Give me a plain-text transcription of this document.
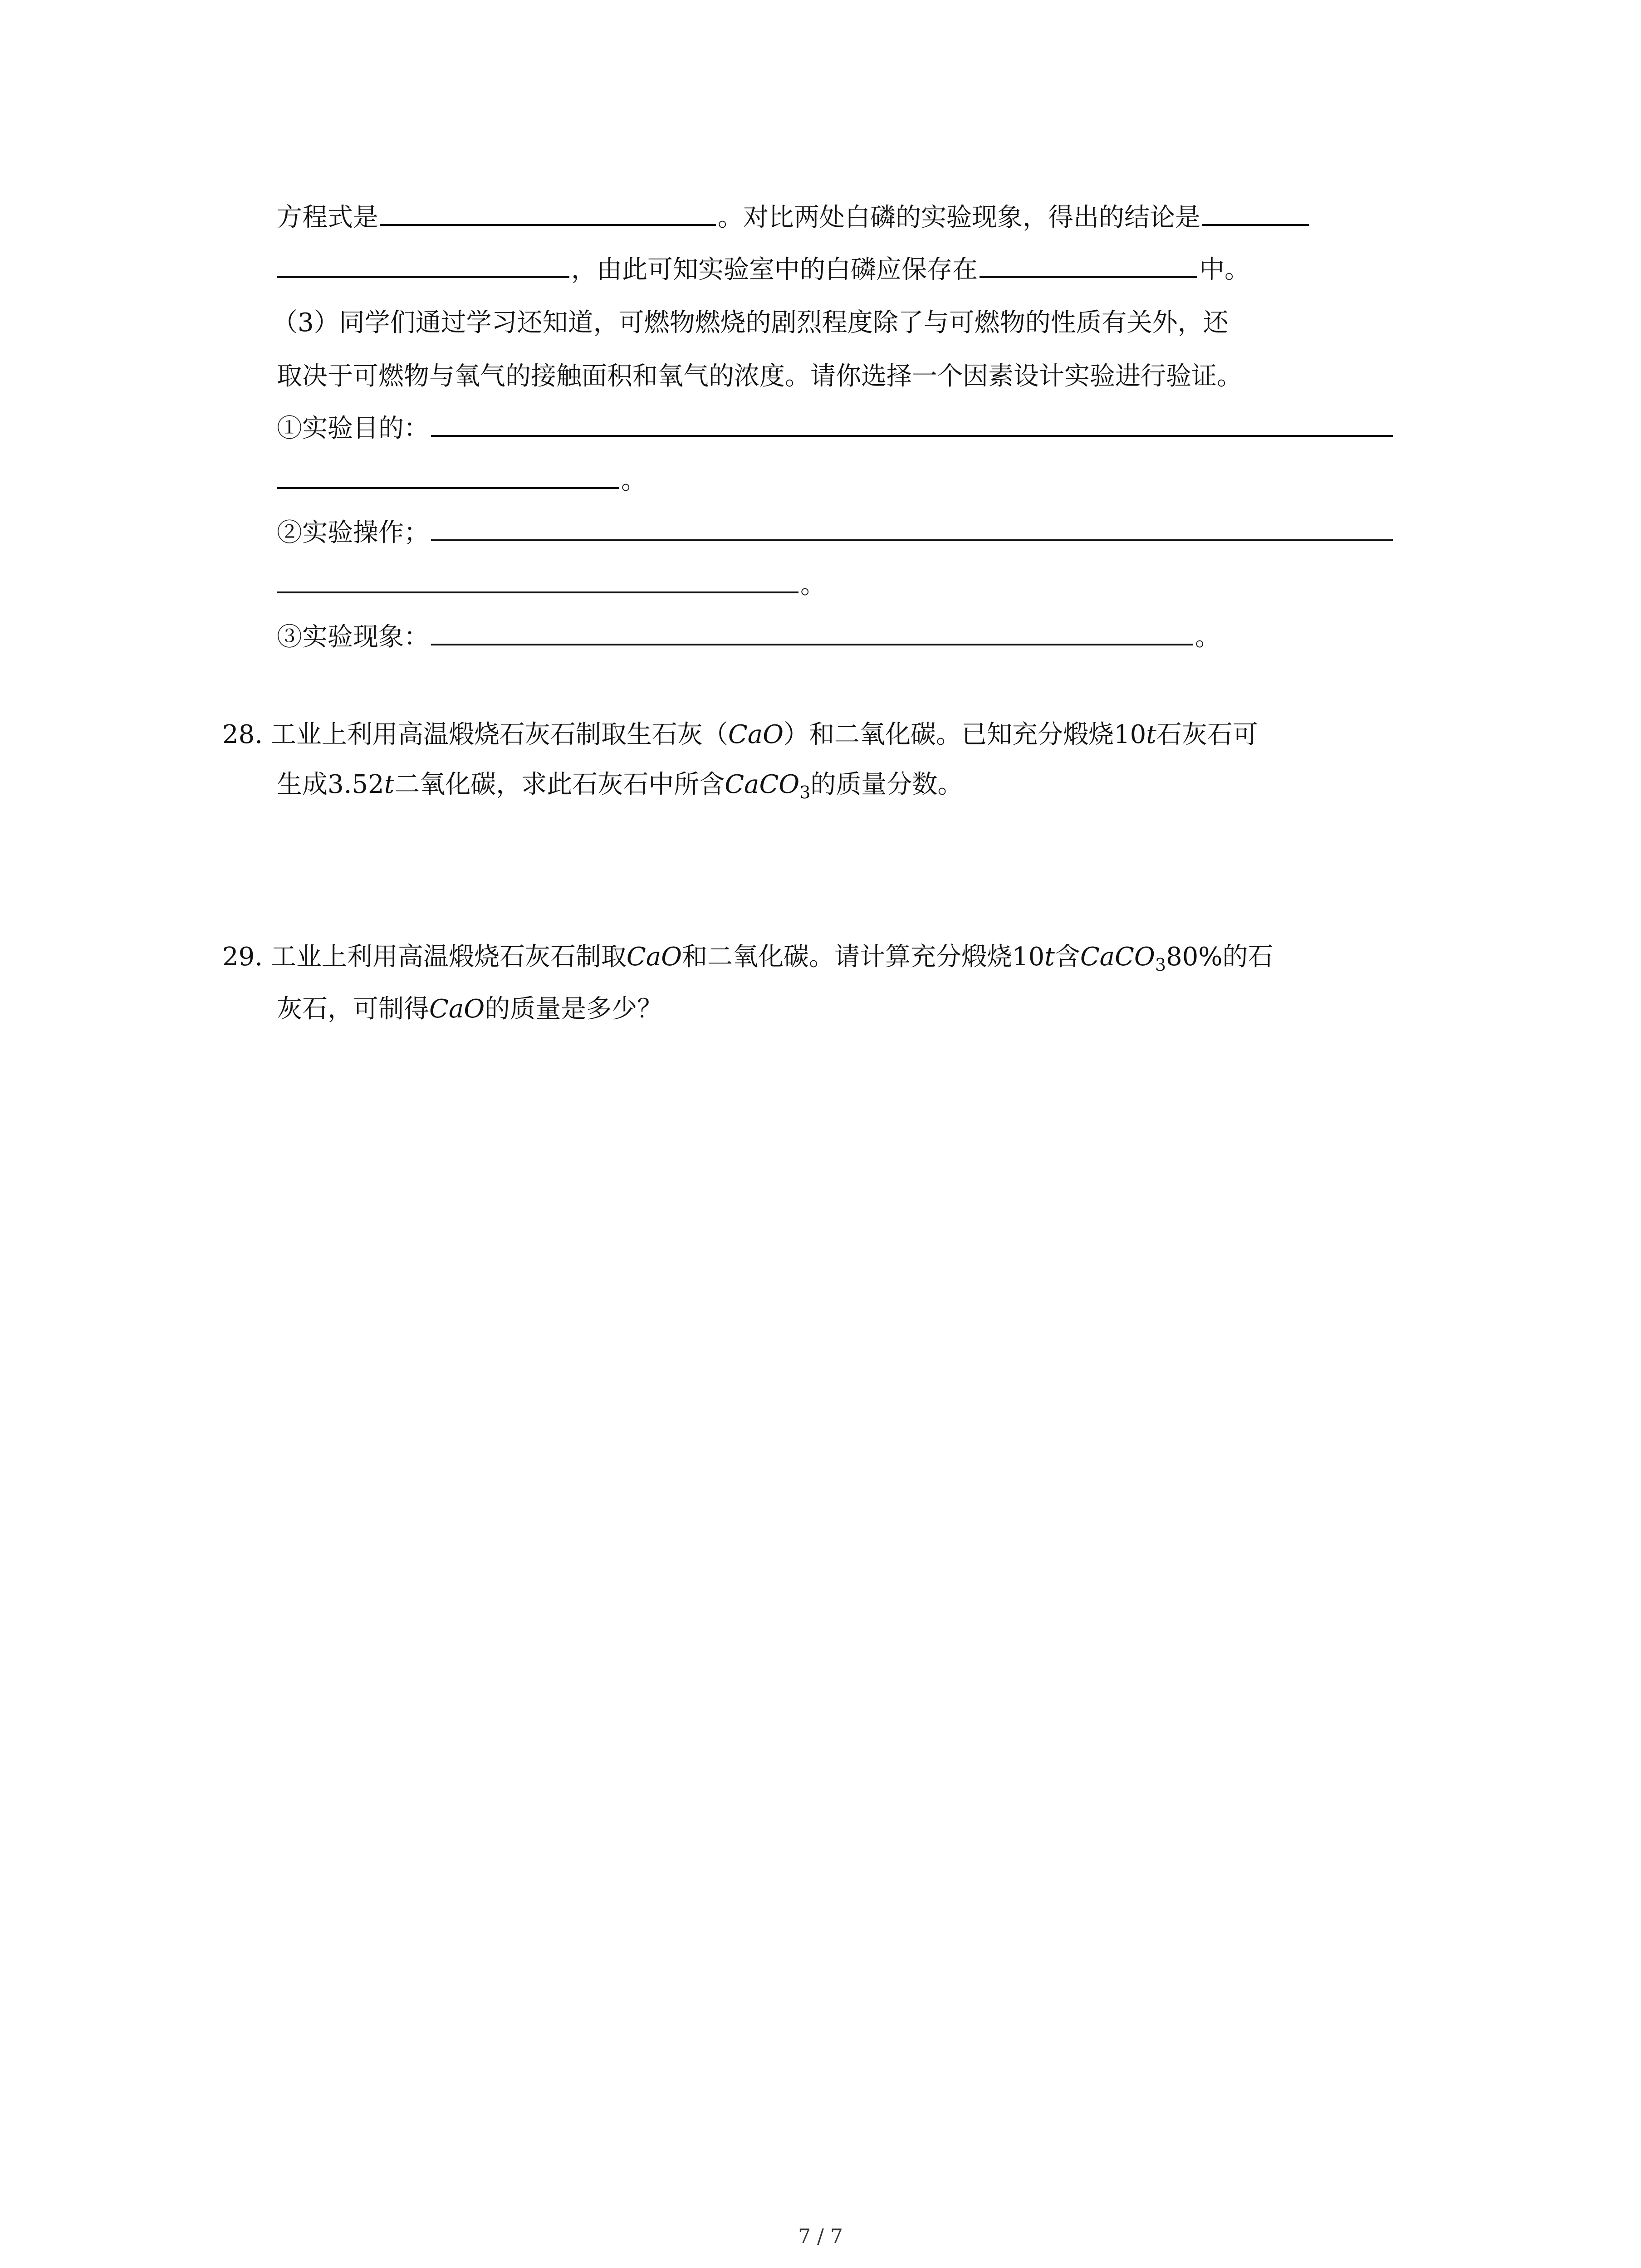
方程式是	。对比两处白磷的实验现象，得出的结论是
，由此可知实验室中的白磷应保存在	中。
（3）同学们通过学习还知道，可燃物燃烧的剧烈程度除了与可燃物的性质有关外，还
取决于可燃物与氧气的接触面积和氧气的浓度。请你选择一个因素设计实验进行验证。
①实验目的：
。
②实验操作；
。
③实验现象：	。
28. 工业上利用高温煅烧石灰石制取生石灰（CaO）和二氧化碳。已知充分煅烧10t石灰石可
生成3.52t二氧化碳，求此石灰石中所含CaCO$_3$的质量分数。
29. 工业上利用高温煅烧石灰石制取CaO和二氧化碳。请计算充分煅烧10t含CaCO$_3$80%的石
灰石，可制得CaO的质量是多少？
7 / 7
